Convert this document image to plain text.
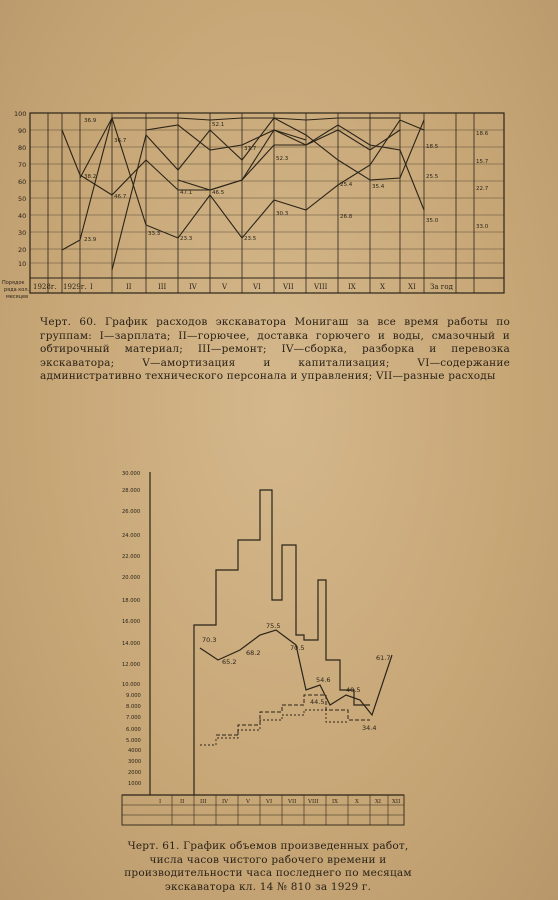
100
90
80
70
60
50
40
30
20
10
1928г. 1929г. I	II	III	IV	V	VI	VII	VIII	IX	X	XI За год
Порядок
ряда кол.
месяцев
36.9
38.2
36.7
46.7
33.3
23.9	23.3
52.1
47.1	46.5
23.5
37.7
30.3	26.8
52.3
35.4
35.0
25.5
33.0
18.6
22.7
15.7
25.4
18.5
30.000
28.000
26.000
24.000
22.000
20.000
18.000
16.000
14.000
12.000
10.000
9.000
8.000
7.000
6.000
5.000
4000
3000
2000
1000
70.3
65.2
68.2
75.5
70.5
54.6
44.5
40.5
34.4
61.7
I	II	III	IV	V	VI	VII VIII IX	X	XI XII
Черт. 60. График расходов экскаватора Монигаш за все время работы по группам: I—зарплата; II—горючее, доставка горючего и воды, смазочный и обтирочный материал; III—ремонт; IV—сборка, разборка и перевозка экскаватора; V—амортизация и капитализация; VI—содержание административно технического персонала и управления; VII—разные расходы
Черт. 61. График объемов произведенных работ, числа часов чистого рабочего времени и производительности часа последнего по месяцам экскаватора кл. 14 № 810 за 1929 г.
